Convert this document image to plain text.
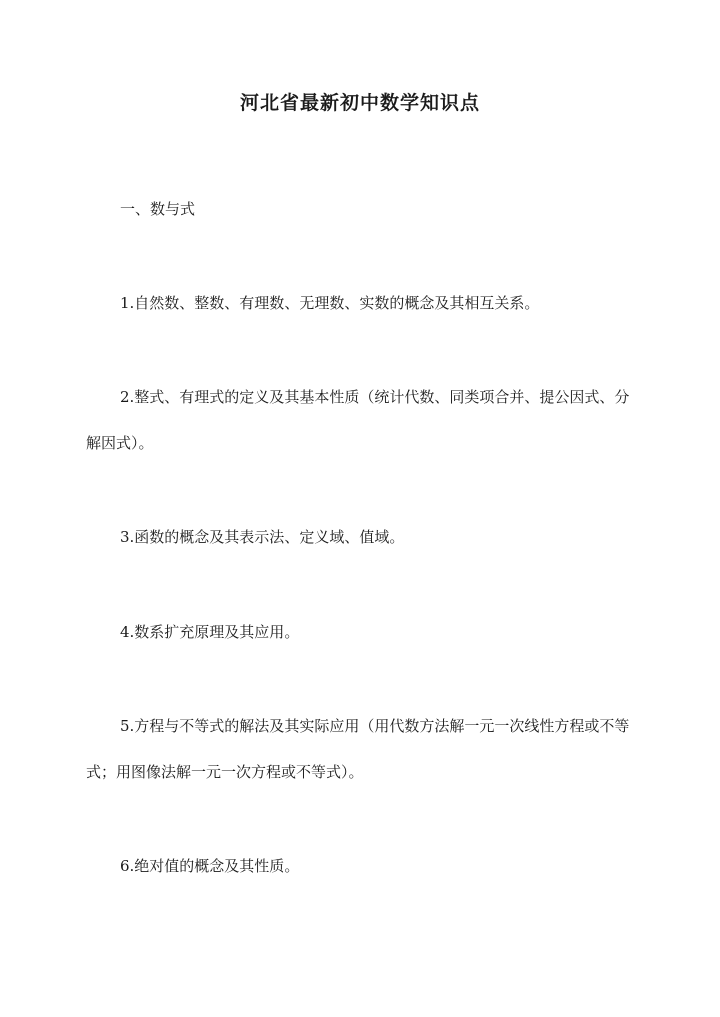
河北省最新初中数学知识点

一、数与式

1.自然数、整数、有理数、无理数、实数的概念及其相互关系。

2.整式、有理式的定义及其基本性质（统计代数、同类项合并、提公因式、分解因式）。

3.函数的概念及其表示法、定义域、值域。

4.数系扩充原理及其应用。

5.方程与不等式的解法及其实际应用（用代数方法解一元一次线性方程或不等式；用图像法解一元一次方程或不等式）。

6.绝对值的概念及其性质。
